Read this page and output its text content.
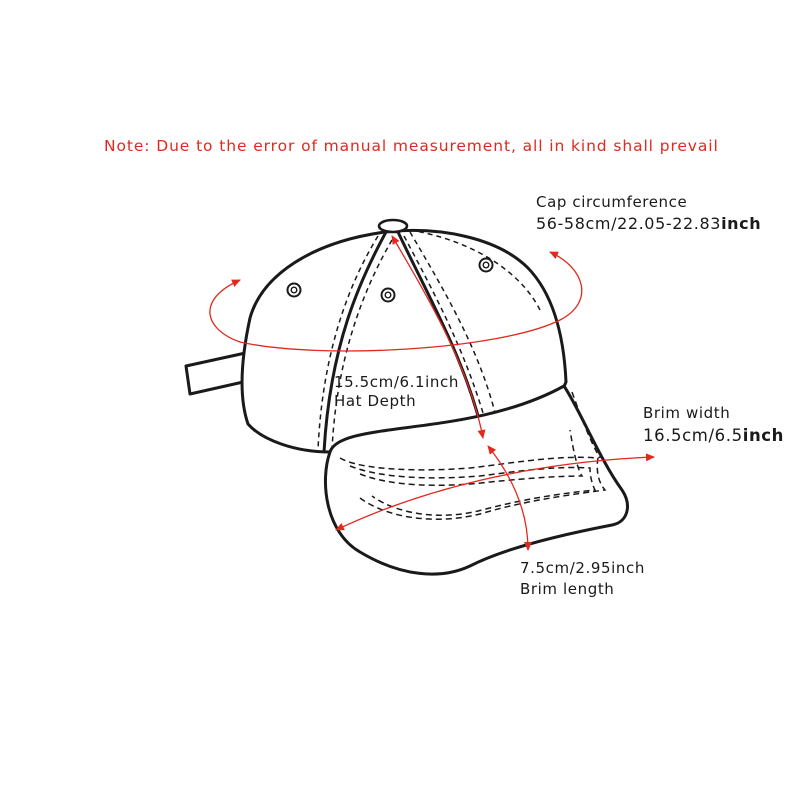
Note: Due to the error of manual measurement, all in kind shall prevail
Cap circumference
56-58cm/22.05-22.83inch
15.5cm/6.1inch
Hat Depth
Brim width
16.5cm/6.5inch
7.5cm/2.95inch
Brim length
